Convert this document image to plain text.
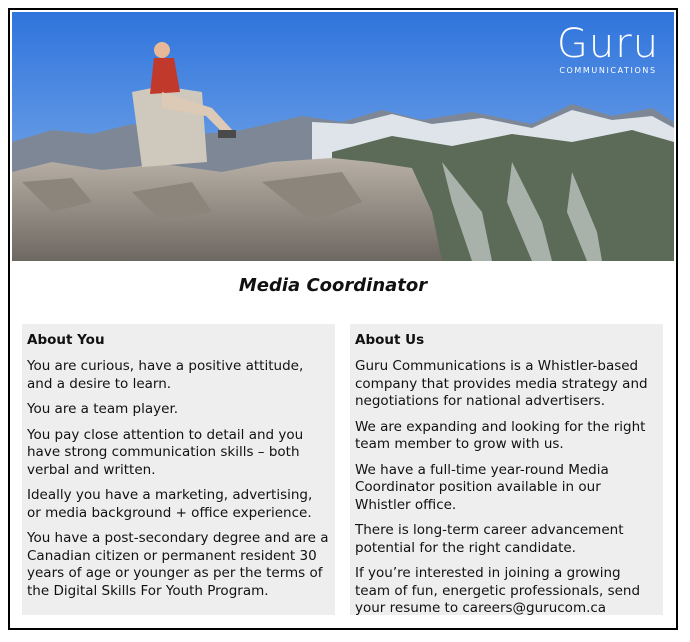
Guru
COMMUNICATIONS
Media Coordinator
About You

You are curious, have a positive attitude, and a desire to learn.

You are a team player.

You pay close attention to detail and you have strong communication skills – both verbal and written.

Ideally you have a marketing, advertising, or media background + office experience.

You have a post-secondary degree and are a Canadian citizen or permanent resident 30 years of age or younger as per the terms of the Digital Skills For Youth Program.

About Us

Guru Communications is a Whistler-based company that provides media strategy and negotiations for national advertisers.

We are expanding and looking for the right team member to grow with us.

We have a full-time year-round Media Coordinator position available in our Whistler office.

There is long-term career advancement potential for the right candidate.

If you’re interested in joining a growing team of fun, energetic professionals, send your resume to careers@gurucom.ca
